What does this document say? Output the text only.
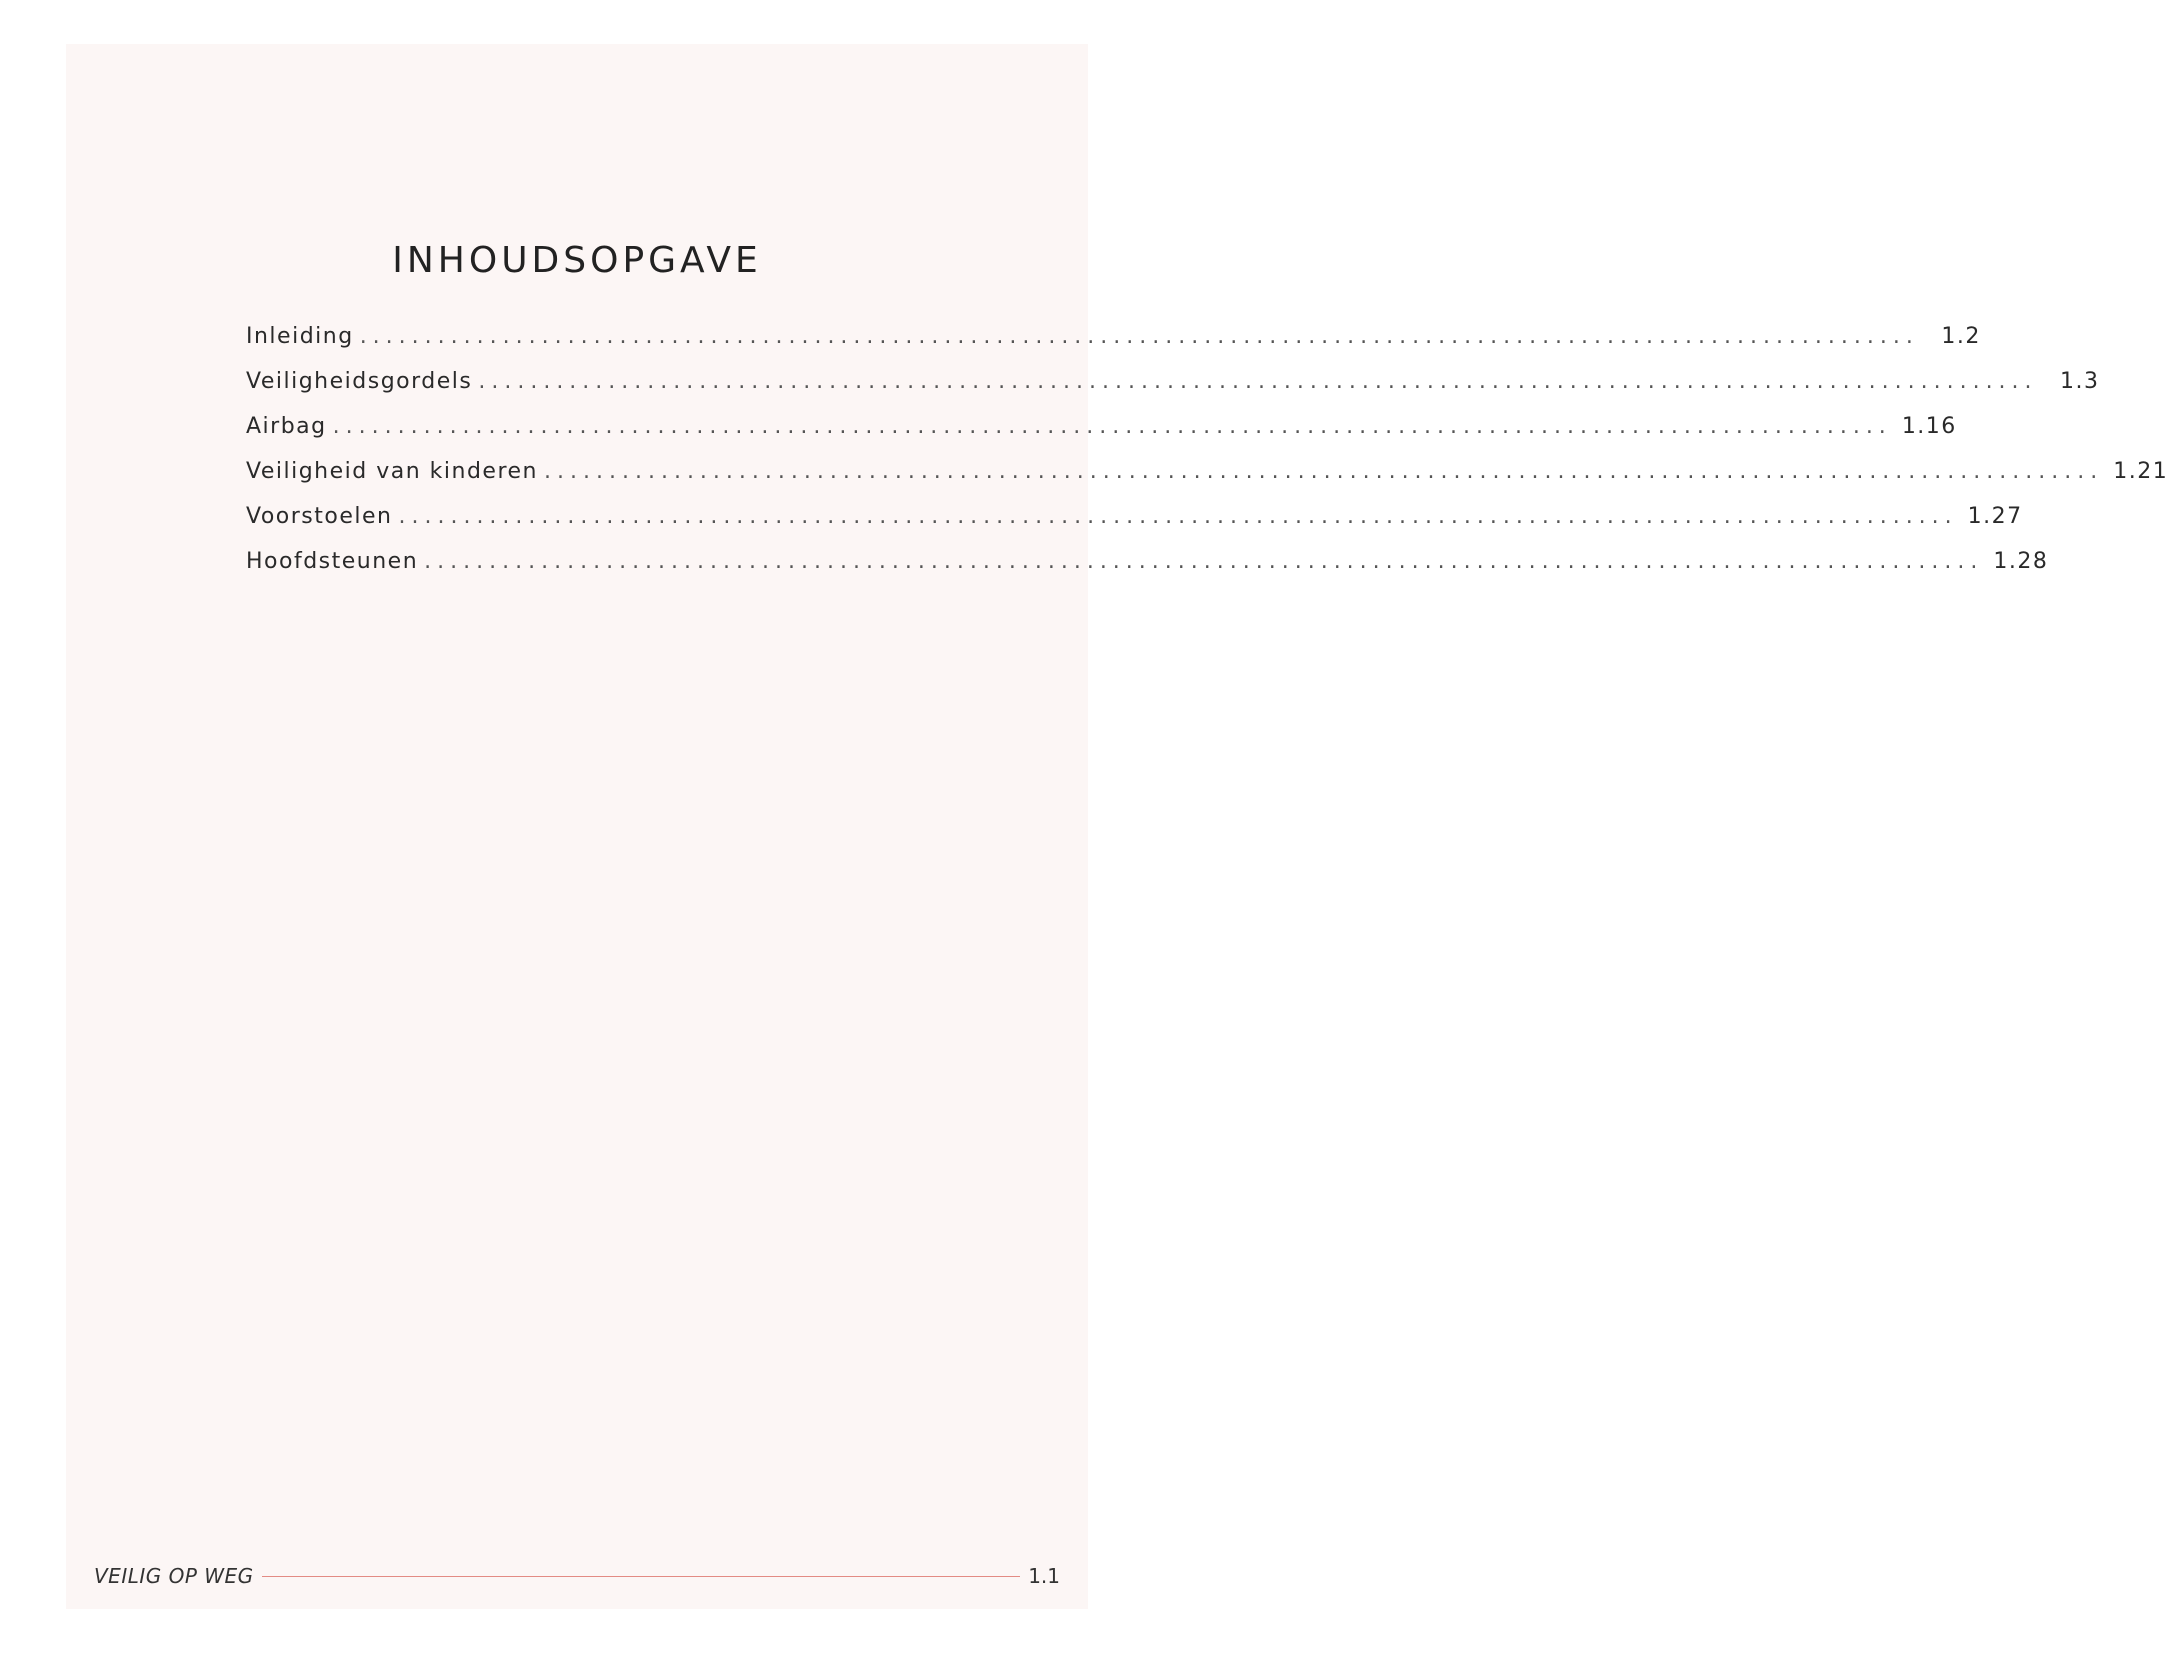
INHOUDSOPGAVE
Inleiding ........................................................................................................................	1.2
Veiligheidsgordels ........................................................................................................................	1.3
Airbag ........................................................................................................................ 1.16
Veiligheid van kinderen ........................................................................................................................ 1.21
Voorstoelen ........................................................................................................................ 1.27
Hoofdsteunen ........................................................................................................................ 1.28
VEILIG OP WEG	1.1
